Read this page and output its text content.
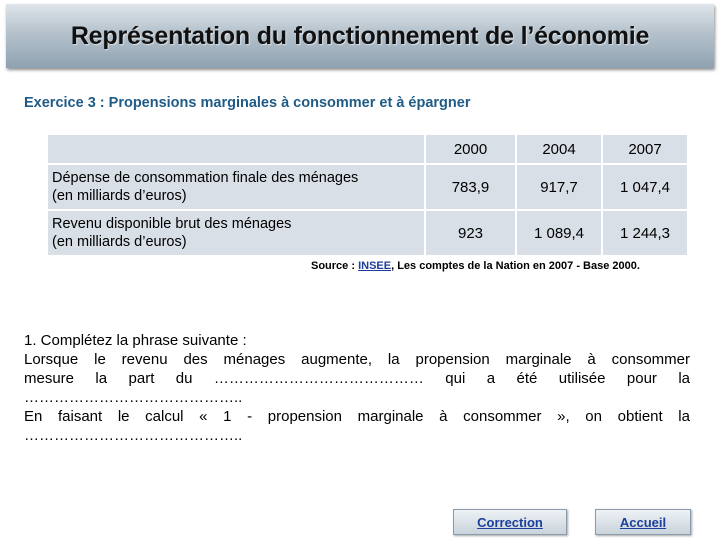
Représentation du fonctionnement de l’économie
Exercice 3 : Propensions marginales à consommer et à épargner
	2000	2004	2007

Dépense de consommation finale des ménages
(en milliards d’euros)	783,9	917,7	1 047,4

Revenu disponible brut des ménages
(en milliards d’euros)	923	1 089,4	1 244,3
Source : INSEE, Les comptes de la Nation en 2007 - Base 2000.

1. Complétez la phrase suivante :

Lorsque le revenu des ménages augmente, la propension marginale à consommer

mesure la part du …………………………………… qui a été utilisée pour la

……………………………………..

En faisant le calcul « 1 - propension marginale à consommer », on obtient la

……………………………………..

Correction	Accueil
